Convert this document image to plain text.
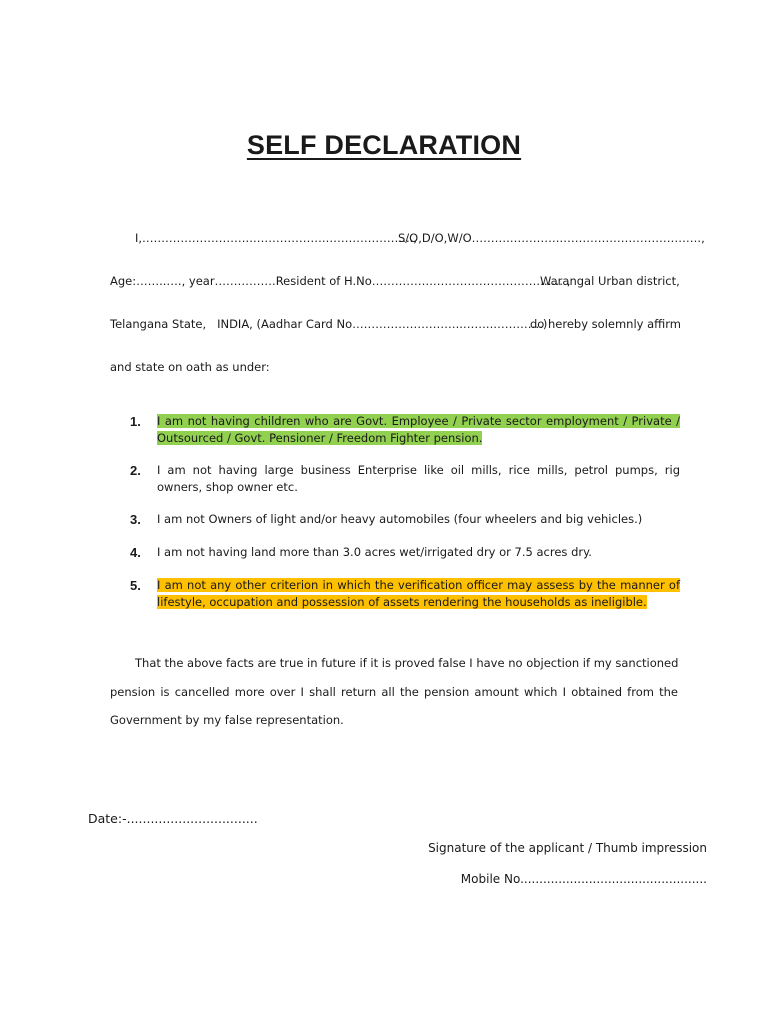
SELF DECLARATION
I,………………………..……………….…………………..,
S/O,D/O,W/O……….………….……………………………….,
Age:……..…., year…………….Resident of H.No…………….……………………….…… ,
Warangal Urban district,
Telangana State,   INDIA, (Aadhar Card No………………………..……..………….)
do hereby solemnly affirm
and state on oath as under:
1.	I am not having children who are Govt. Employee / Private sector employment / Private / Outsourced / Govt. Pensioner / Freedom Fighter pension.
2.	I am not having large business Enterprise like oil mills, rice mills, petrol pumps, rig owners, shop owner etc.
3.	I am not Owners of light and/or heavy automobiles (four wheelers and big vehicles.)
4.	I am not having land more than 3.0 acres wet/irrigated dry or 7.5 acres dry.
5.	I am not any other criterion in which the verification officer may assess by the manner of lifestyle, occupation and possession of assets rendering the households as ineligible.
That the above facts are true in future if it is proved false I have no objection if my sanctioned
pension is cancelled more over I shall return all the pension amount which I obtained from the
Government by my false representation.
Date:-.................................
Signature of the applicant / Thumb impression
Mobile No.................................................
